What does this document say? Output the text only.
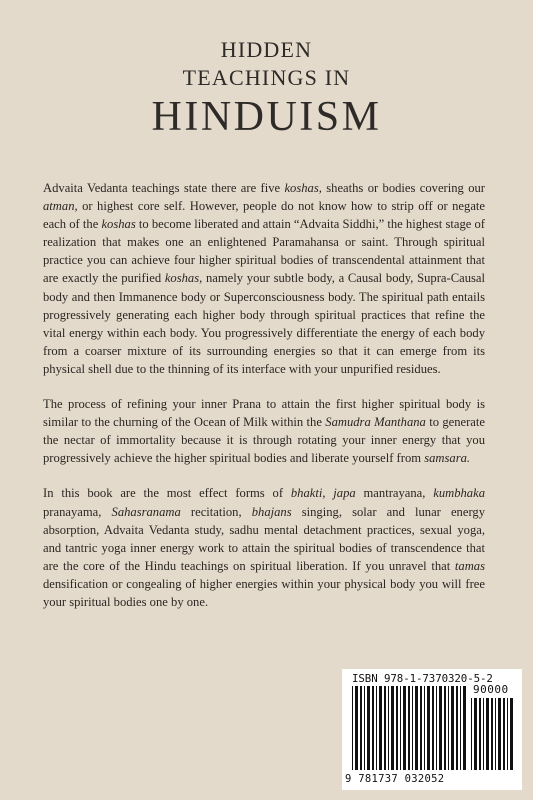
HIDDEN
TEACHINGS IN
HINDUISM

Advaita Vedanta teachings state there are five koshas, sheaths or bodies covering our atman, or highest core self. However, people do not know how to strip off or negate each of the koshas to become liberated and attain “Advaita Siddhi,” the highest stage of realization that makes one an enlightened Paramahansa or saint. Through spiritual practice you can achieve four higher spiritual bodies of transcendental attainment that are exactly the purified koshas, namely your subtle body, a Causal body, Supra-Causal body and then Immanence body or Superconsciousness body. The spiritual path entails progressively generating each higher body through spiritual practices that refine the vital energy within each body. You progressively differentiate the energy of each body from a coarser mixture of its surrounding energies so that it can emerge from its physical shell due to the thinning of its interface with your unpurified residues.

The process of refining your inner Prana to attain the first higher spiritual body is similar to the churning of the Ocean of Milk within the Samudra Manthana to generate the nectar of immortality because it is through rotating your inner energy that you progressively achieve the higher spiritual bodies and liberate yourself from samsara.

In this book are the most effect forms of bhakti, japa mantrayana, kumbhaka pranayama, Sahasranama recitation, bhajans singing, solar and lunar energy absorption, Advaita Vedanta study, sadhu mental detachment practices, sexual yoga, and tantric yoga inner energy work to attain the spiritual bodies of transcendence that are the core of the Hindu teachings on spiritual liberation. If you unravel that tamas densification or congealing of higher energies within your physical body you will free your spiritual bodies one by one.

ISBN 978-1-7370320-5-2
90000
9 781737 032052
